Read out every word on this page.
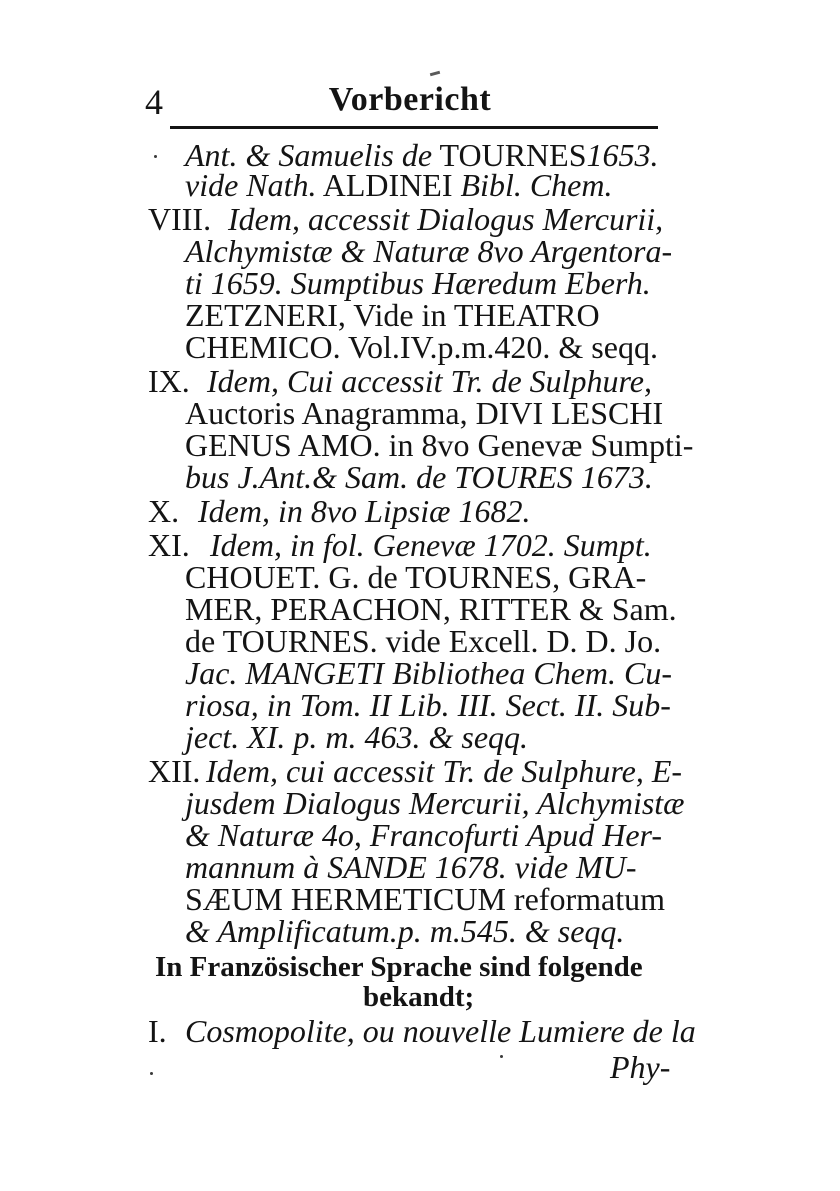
4	Vorbericht
Ant. & Samuelis de TOURNES1653.
vide Nath. ALDINEI Bibl. Chem.
VIII. Idem, accessit Dialogus Mercurii,
Alchymistæ & Naturæ 8vo Argentora-
ti 1659. Sumptibus Hæredum Eberh.
ZETZNERI, Vide in THEATRO
CHEMICO. Vol.IV.p.m.420. & seqq.
IX. Idem, Cui accessit Tr. de Sulphure,
Auctoris Anagramma, DIVI LESCHI
GENUS AMO. in 8vo Genevæ Sumpti-
bus J.Ant.& Sam. de TOURES 1673.
X. Idem, in 8vo Lipsiæ 1682.
XI. Idem, in fol. Genevæ 1702. Sumpt.
CHOUET. G. de TOURNES, GRA-
MER, PERACHON, RITTER & Sam.
de TOURNES. vide Excell. D. D. Jo.
Jac. MANGETI Bibliothea Chem. Cu-
riosa, in Tom. II Lib. III. Sect. II. Sub-
ject. XI. p. m. 463. & seqq.
XII. Idem, cui accessit Tr. de Sulphure, E-
jusdem Dialogus Mercurii, Alchymistæ
& Naturæ 4o, Francofurti Apud Her-
mannum à SANDE 1678. vide MU-
SÆUM HERMETICUM reformatum
& Amplificatum.p. m.545. & seqq.
In Französischer Sprache sind folgende
bekandt;
I. Cosmopolite, ou nouvelle Lumiere de la
Phy-
